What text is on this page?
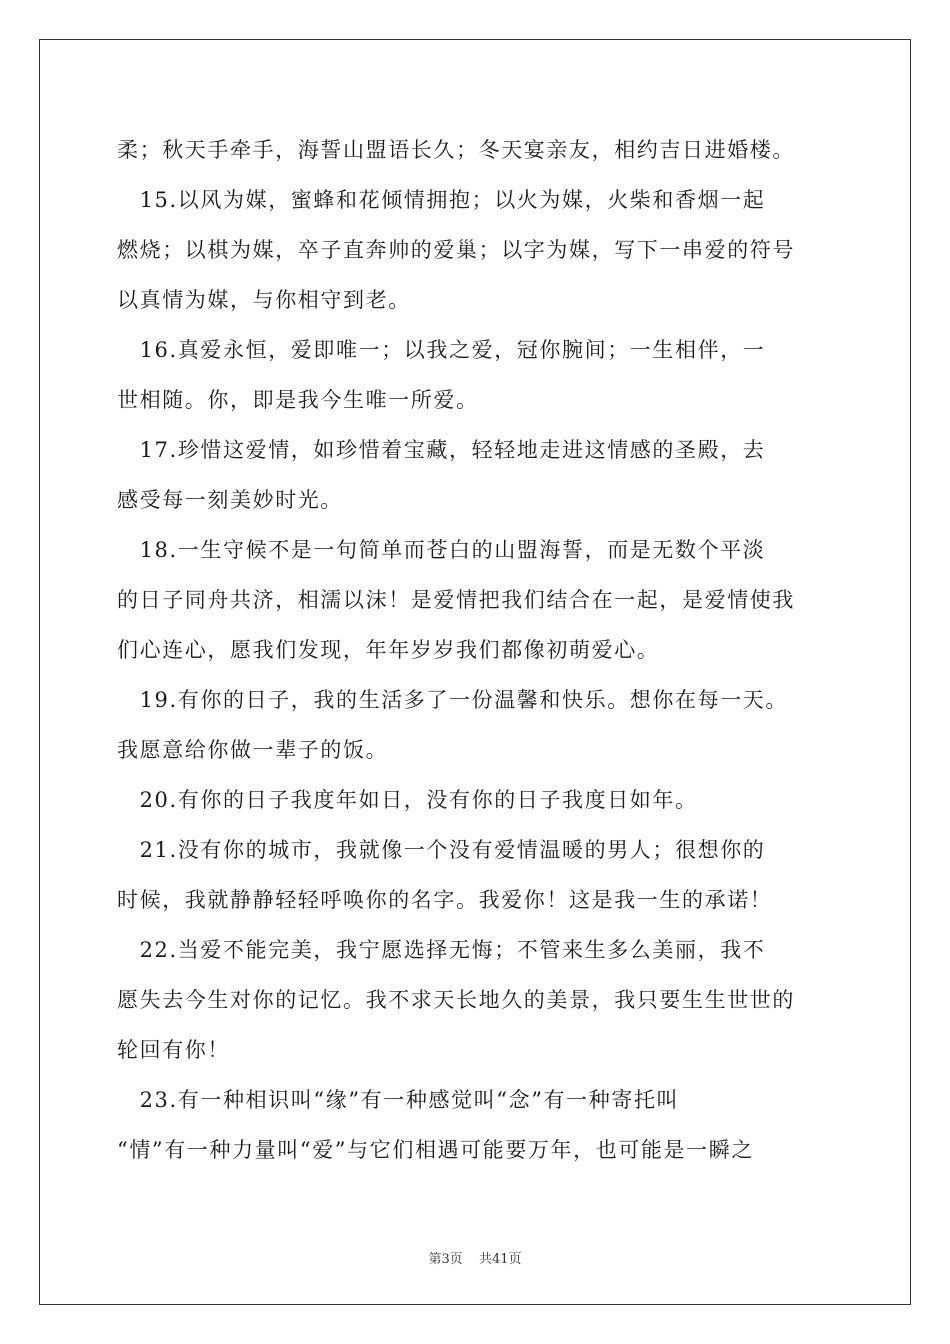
柔；秋天手牵手，海誓山盟语长久；冬天宴亲友，相约吉日进婚楼。

　15.以风为媒，蜜蜂和花倾情拥抱；以火为媒，火柴和香烟一起
燃烧；以棋为媒，卒子直奔帅的爱巢；以字为媒，写下一串爱的符号
以真情为媒，与你相守到老。

　16.真爱永恒，爱即唯一；以我之爱，冠你腕间；一生相伴，一
世相随。你，即是我今生唯一所爱。

　17.珍惜这爱情，如珍惜着宝藏，轻轻地走进这情感的圣殿，去
感受每一刻美妙时光。

　18.一生守候不是一句简单而苍白的山盟海誓，而是无数个平淡
的日子同舟共济，相濡以沫！是爱情把我们结合在一起，是爱情使我
们心连心，愿我们发现，年年岁岁我们都像初萌爱心。

　19.有你的日子，我的生活多了一份温馨和快乐。想你在每一天。
我愿意给你做一辈子的饭。

　20.有你的日子我度年如日，没有你的日子我度日如年。

　21.没有你的城市，我就像一个没有爱情温暖的男人；很想你的
时候，我就静静轻轻呼唤你的名字。我爱你！这是我一生的承诺！

　22.当爱不能完美，我宁愿选择无悔；不管来生多么美丽，我不
愿失去今生对你的记忆。我不求天长地久的美景，我只要生生世世的
轮回有你！

　23.有一种相识叫“缘”有一种感觉叫“念”有一种寄托叫
“情”有一种力量叫“爱”与它们相遇可能要万年，也可能是一瞬之

第3页 共41页
